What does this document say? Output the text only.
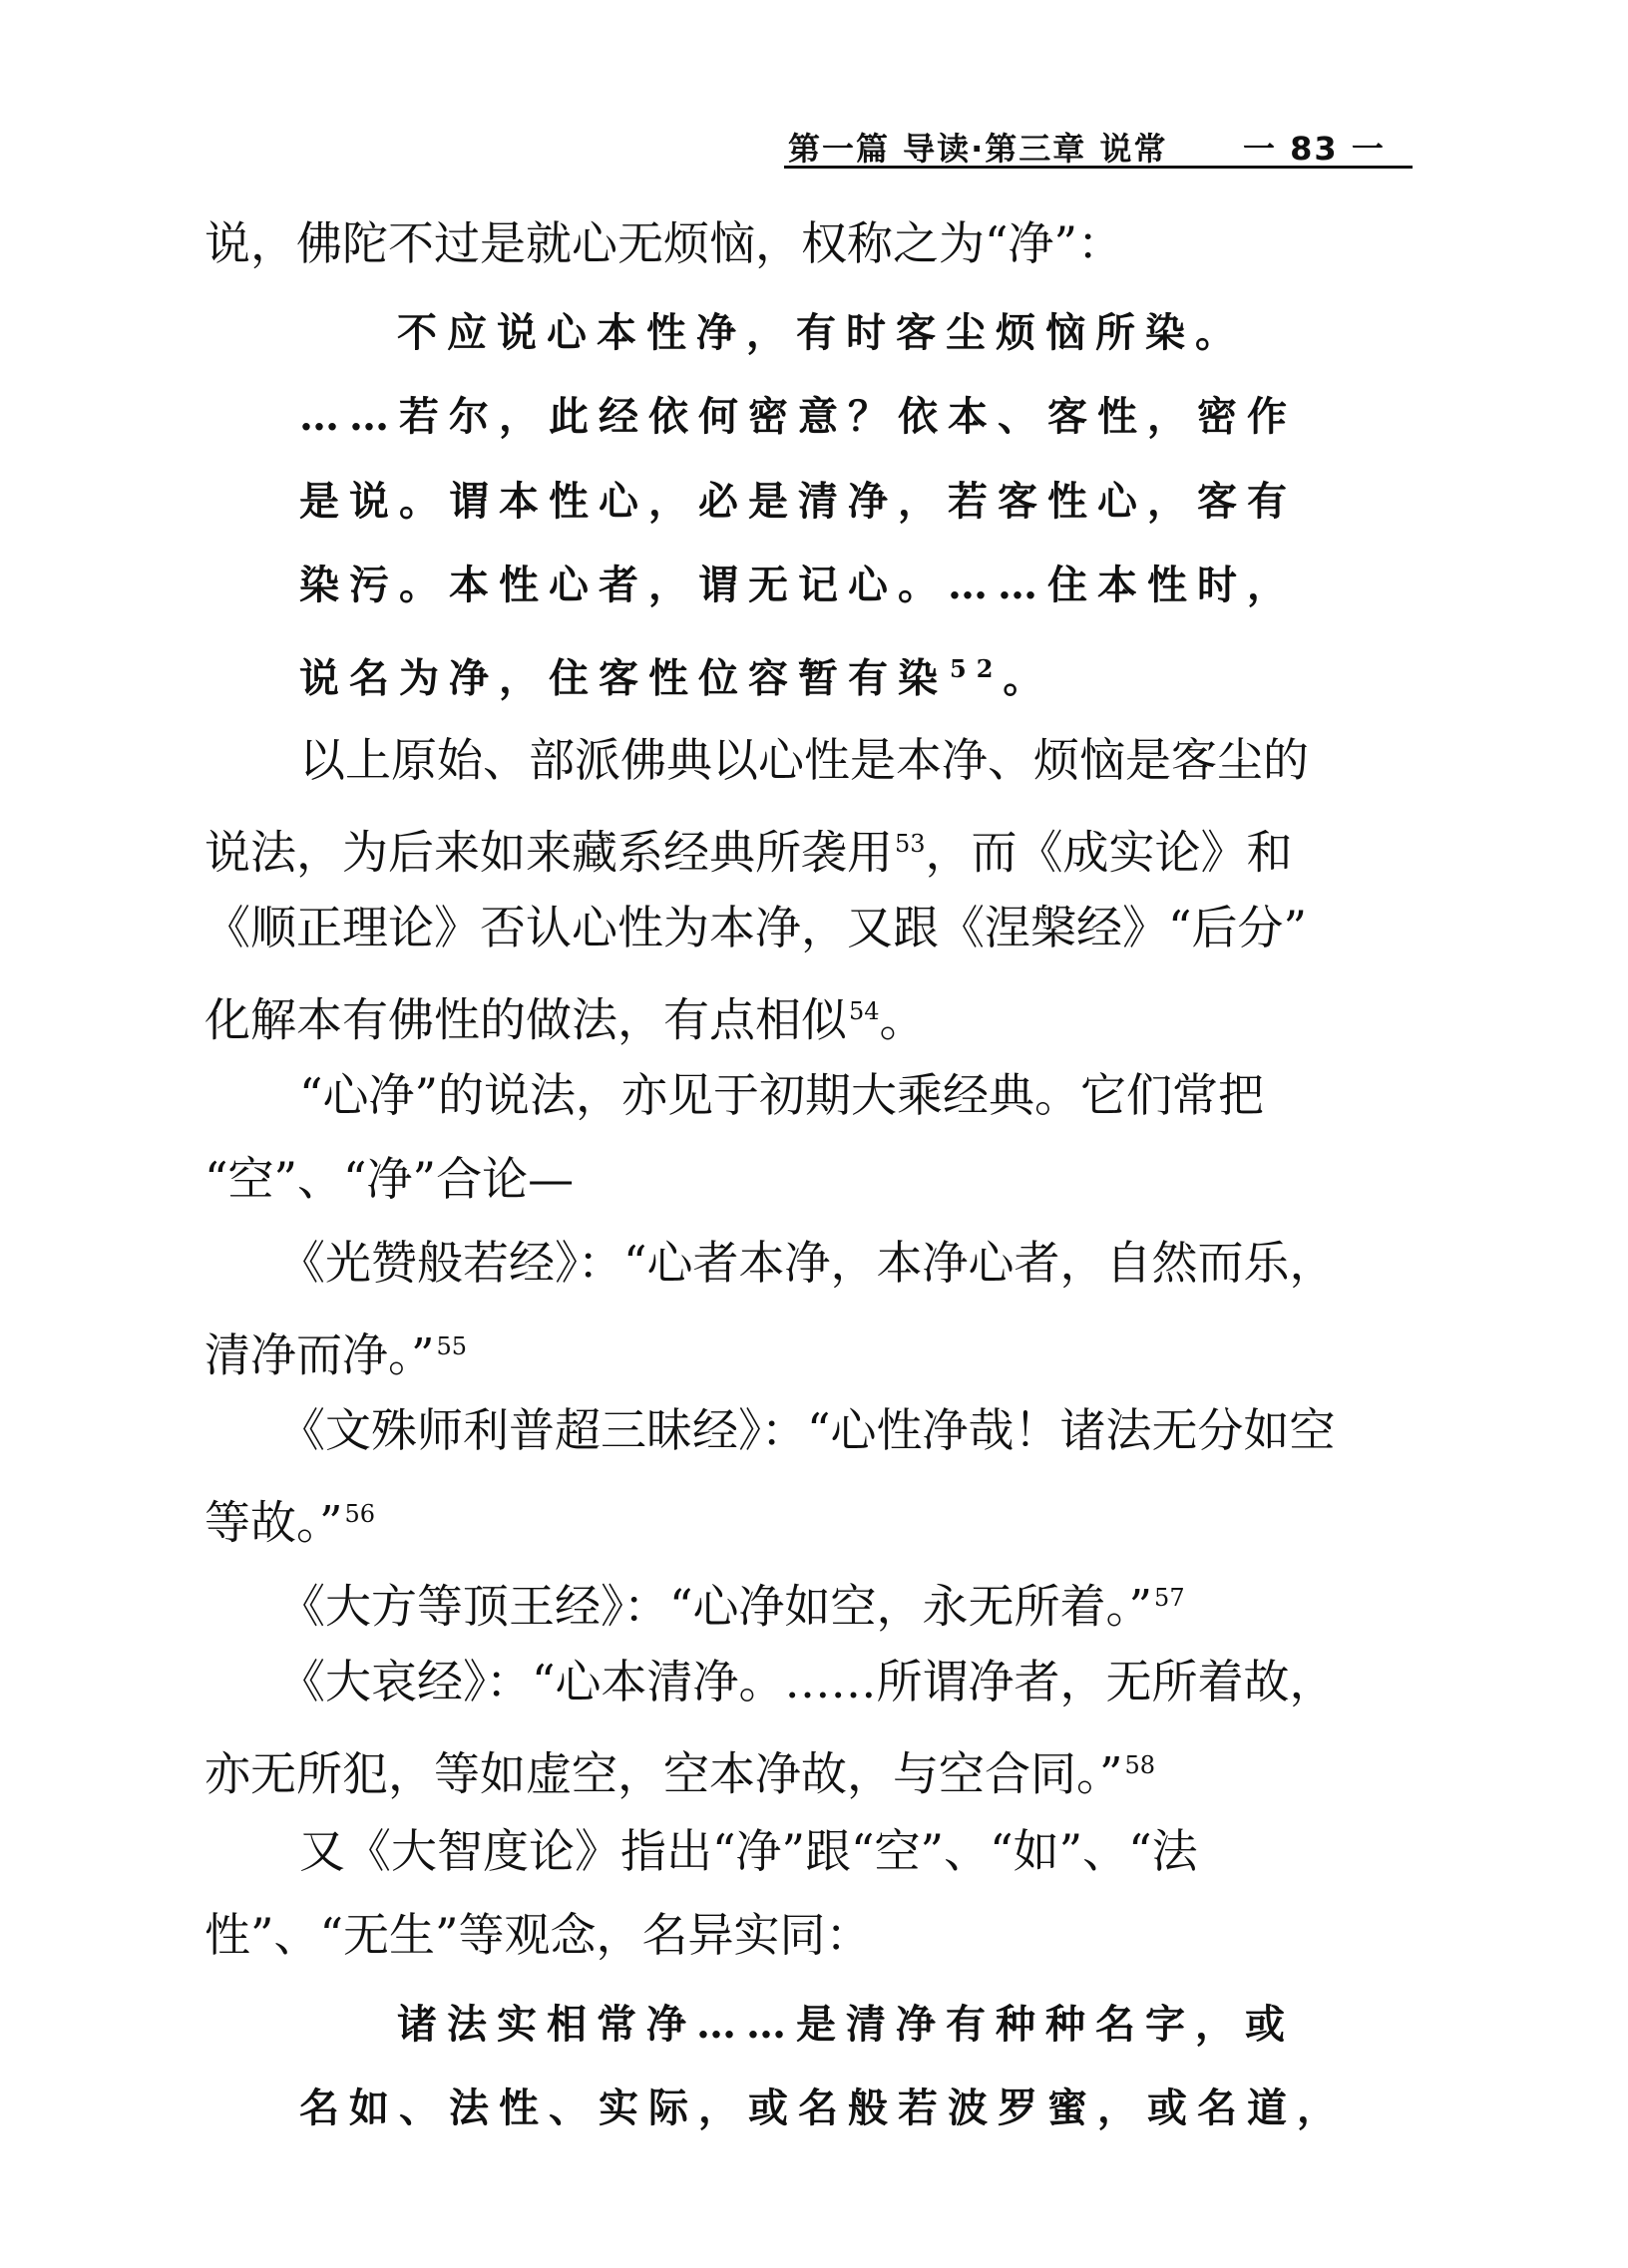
第一篇 导读·第三章 说常 一 83 一
说，佛陀不过是就心无烦恼，权称之为“净”：
不应说心本性净，有时客尘烦恼所染。
……若尔，此经依何密意？依本、客性，密作
是说。谓本性心，必是清净，若客性心，客有
染污。本性心者，谓无记心。……住本性时，
说名为净，住客性位容暂有染$^{52}$。
以上原始、部派佛典以心性是本净、烦恼是客尘的
说法，为后来如来藏系经典所袭用$^{53}$，而《成实论》和
《顺正理论》否认心性为本净，又跟《涅槃经》“后分”
化解本有佛性的做法，有点相似$^{54}$。
“心净”的说法，亦见于初期大乘经典。它们常把
“空”、“净”合论—
《光赞般若经》：“心者本净，本净心者，自然而乐，
清净而净。”$^{55}$
《文殊师利普超三昧经》：“心性净哉！诸法无分如空
等故。”$^{56}$
《大方等顶王经》：“心净如空，永无所着。”$^{57}$
《大哀经》：“心本清净。……所谓净者，无所着故，
亦无所犯，等如虚空，空本净故，与空合同。”$^{58}$
又《大智度论》指出“净”跟“空”、“如”、“法
性”、“无生”等观念，名异实同：
诸法实相常净……是清净有种种名字，或
名如、法性、实际，或名般若波罗蜜，或名道，
